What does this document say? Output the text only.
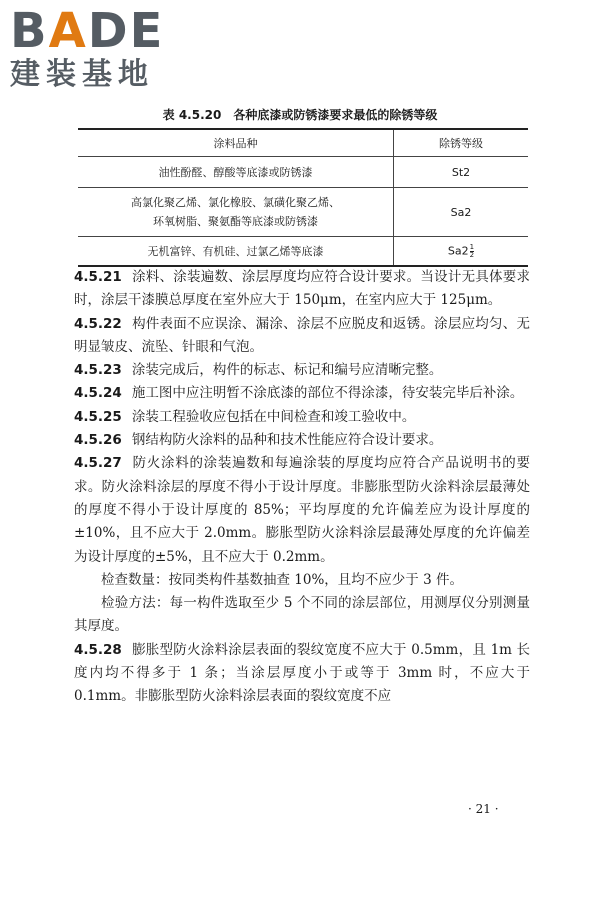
BADE
建装基地
表 4.5.20　各种底漆或防锈漆要求最低的除锈等级
涂料品种	除锈等级
油性酚醛、醇酸等底漆或防锈漆	St2
高氯化聚乙烯、氯化橡胶、氯磺化聚乙烯、
环氧树脂、聚氨酯等底漆或防锈漆	Sa2
无机富锌、有机硅、过氯乙烯等底漆	$Sa2 \frac{1}{2}$

4.5.21 涂料、涂装遍数、涂层厚度均应符合设计要求。当设计无具体要求时，涂层干漆膜总厚度在室外应大于 150μm，在室内应大于 125μm。

4.5.22 构件表面不应误涂、漏涂、涂层不应脱皮和返锈。涂层应均匀、无明显皱皮、流坠、针眼和气泡。

4.5.23 涂装完成后，构件的标志、标记和编号应清晰完整。

4.5.24 施工图中应注明暂不涂底漆的部位不得涂漆，待安装完毕后补涂。

4.5.25 涂装工程验收应包括在中间检查和竣工验收中。

4.5.26 钢结构防火涂料的品种和技术性能应符合设计要求。

4.5.27 防火涂料的涂装遍数和每遍涂装的厚度均应符合产品说明书的要求。防火涂料涂层的厚度不得小于设计厚度。非膨胀型防火涂料涂层最薄处的厚度不得小于设计厚度的 85%；平均厚度的允许偏差应为设计厚度的±10%，且不应大于 2.0mm。膨胀型防火涂料涂层最薄处厚度的允许偏差为设计厚度的±5%，且不应大于 0.2mm。

检查数量：按同类构件基数抽查 10%，且均不应少于 3 件。

检验方法：每一构件选取至少 5 个不同的涂层部位，用测厚仪分别测量其厚度。

4.5.28 膨胀型防火涂料涂层表面的裂纹宽度不应大于 0.5mm，且 1m 长度内均不得多于 1 条；当涂层厚度小于或等于 3mm 时，不应大于 0.1mm。非膨胀型防火涂料涂层表面的裂纹宽度不应

· 21 ·
